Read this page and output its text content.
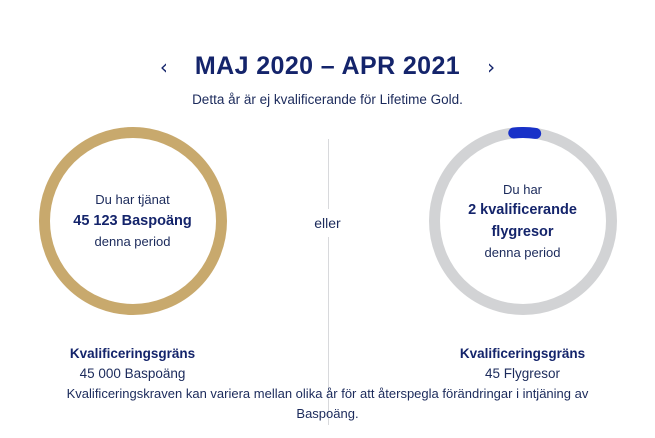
‹ MAJ 2020 – APR 2021 ›
Detta år är ej kvalificerande för Lifetime Gold.
Du har tjänat
45 123 Baspoäng
denna period
Kvalificeringsgräns
45 000 Baspoäng
eller
Du har
2 kvalificerande flygresor
denna period
Kvalificeringsgräns
45 Flygresor
Kvalificeringskraven kan variera mellan olika år för att återspegla förändringar i intjäning av Baspoäng.
